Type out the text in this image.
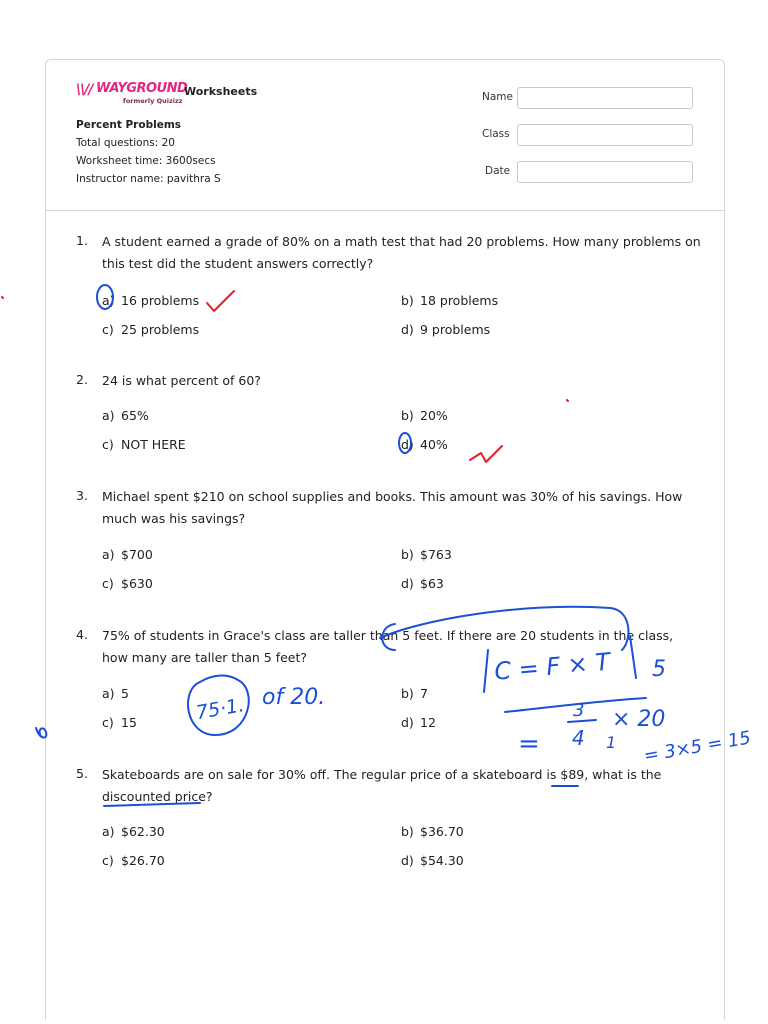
\\// WAYGROUND
formerly Quizizz
Worksheets
Percent Problems
Total questions: 20
Worksheet time: 3600secs
Instructor name: pavithra S
Name
Class
Date
1. A student earned a grade of 80% on a math test that had 20 problems. How many problems on this test did the student answers correctly?
a) 16 problems	b) 18 problems
c) 25 problems	d) 9 problems
2. 24 is what percent of 60?
a) 65%	b) 20%
c) NOT HERE	d) 40%
3. Michael spent $210 on school supplies and books. This amount was 30% of his savings. How much was his savings?
a) $700	b) $763
c) $630	d) $63
4. 75% of students in Grace's class are taller than 5 feet. If there are 20 students in the class, how many are taller than 5 feet?
a) 5	b) 7
c) 15	d) 12
5. Skateboards are on sale for 30% off. The regular price of a skateboard is $89, what is the discounted price?
a) $62.30	b) $36.70
c) $26.70	d) $54.30
75·1. of 20.
C = F × T 5
3
4
× 20
=	1 = 3×5 = 15
